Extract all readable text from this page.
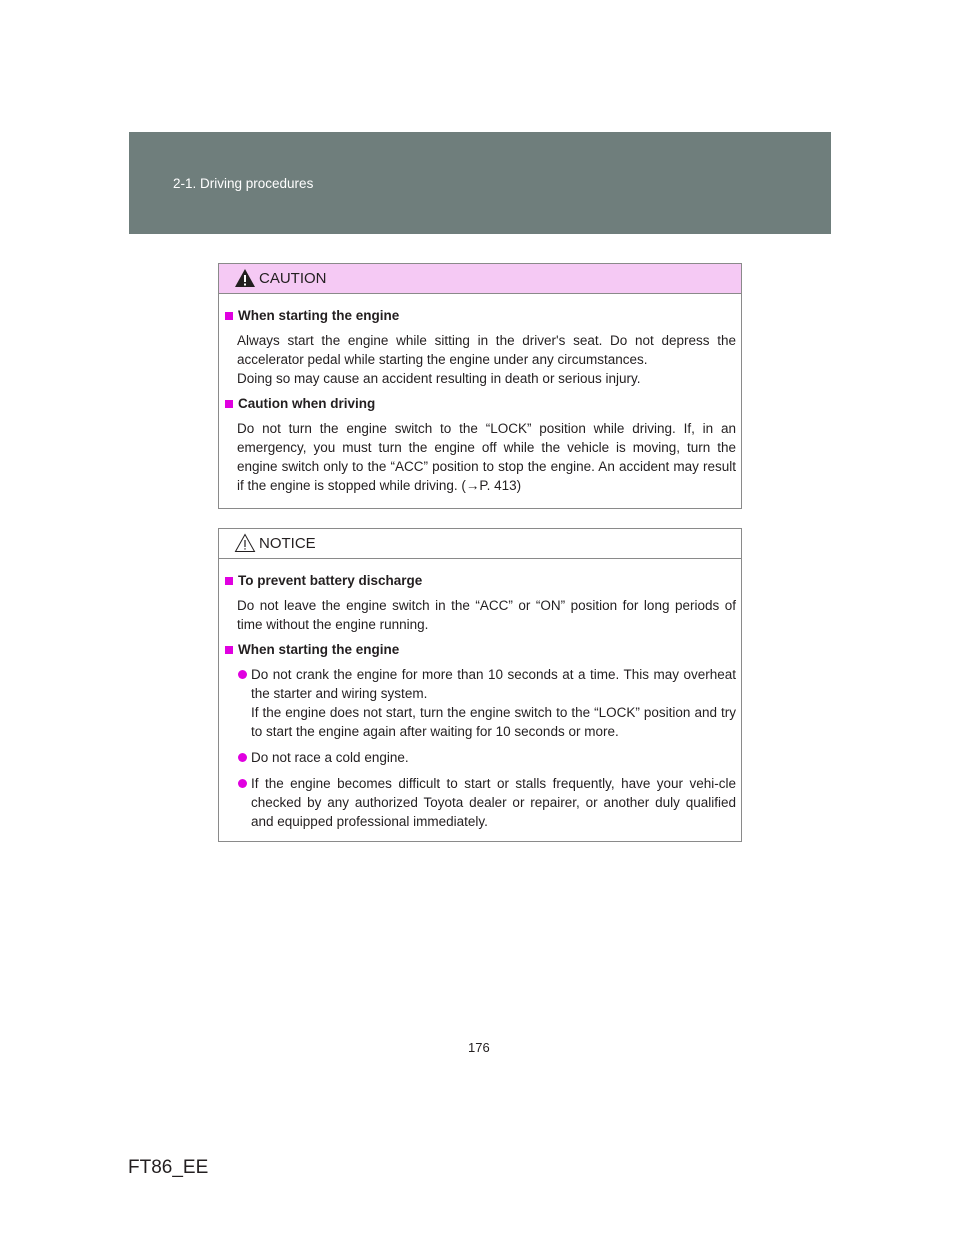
2-1. Driving procedures
CAUTION
When starting the engine
Always start the engine while sitting in the driver's seat. Do not depress the accelerator pedal while starting the engine under any circumstances.
Doing so may cause an accident resulting in death or serious injury.
Caution when driving
Do not turn the engine switch to the “LOCK” position while driving. If, in an emergency, you must turn the engine off while the vehicle is moving, turn the engine switch only to the “ACC” position to stop the engine. An accident may result if the engine is stopped while driving. (→P. 413)
NOTICE
To prevent battery discharge
Do not leave the engine switch in the “ACC” or “ON” position for long periods of time without the engine running.
When starting the engine
Do not crank the engine for more than 10 seconds at a time. This may overheat the starter and wiring system.
If the engine does not start, turn the engine switch to the “LOCK” position and try to start the engine again after waiting for 10 seconds or more.
Do not race a cold engine.
If the engine becomes difficult to start or stalls frequently, have your vehi-cle checked by any authorized Toyota dealer or repairer, or another duly qualified and equipped professional immediately.
176
FT86_EE
